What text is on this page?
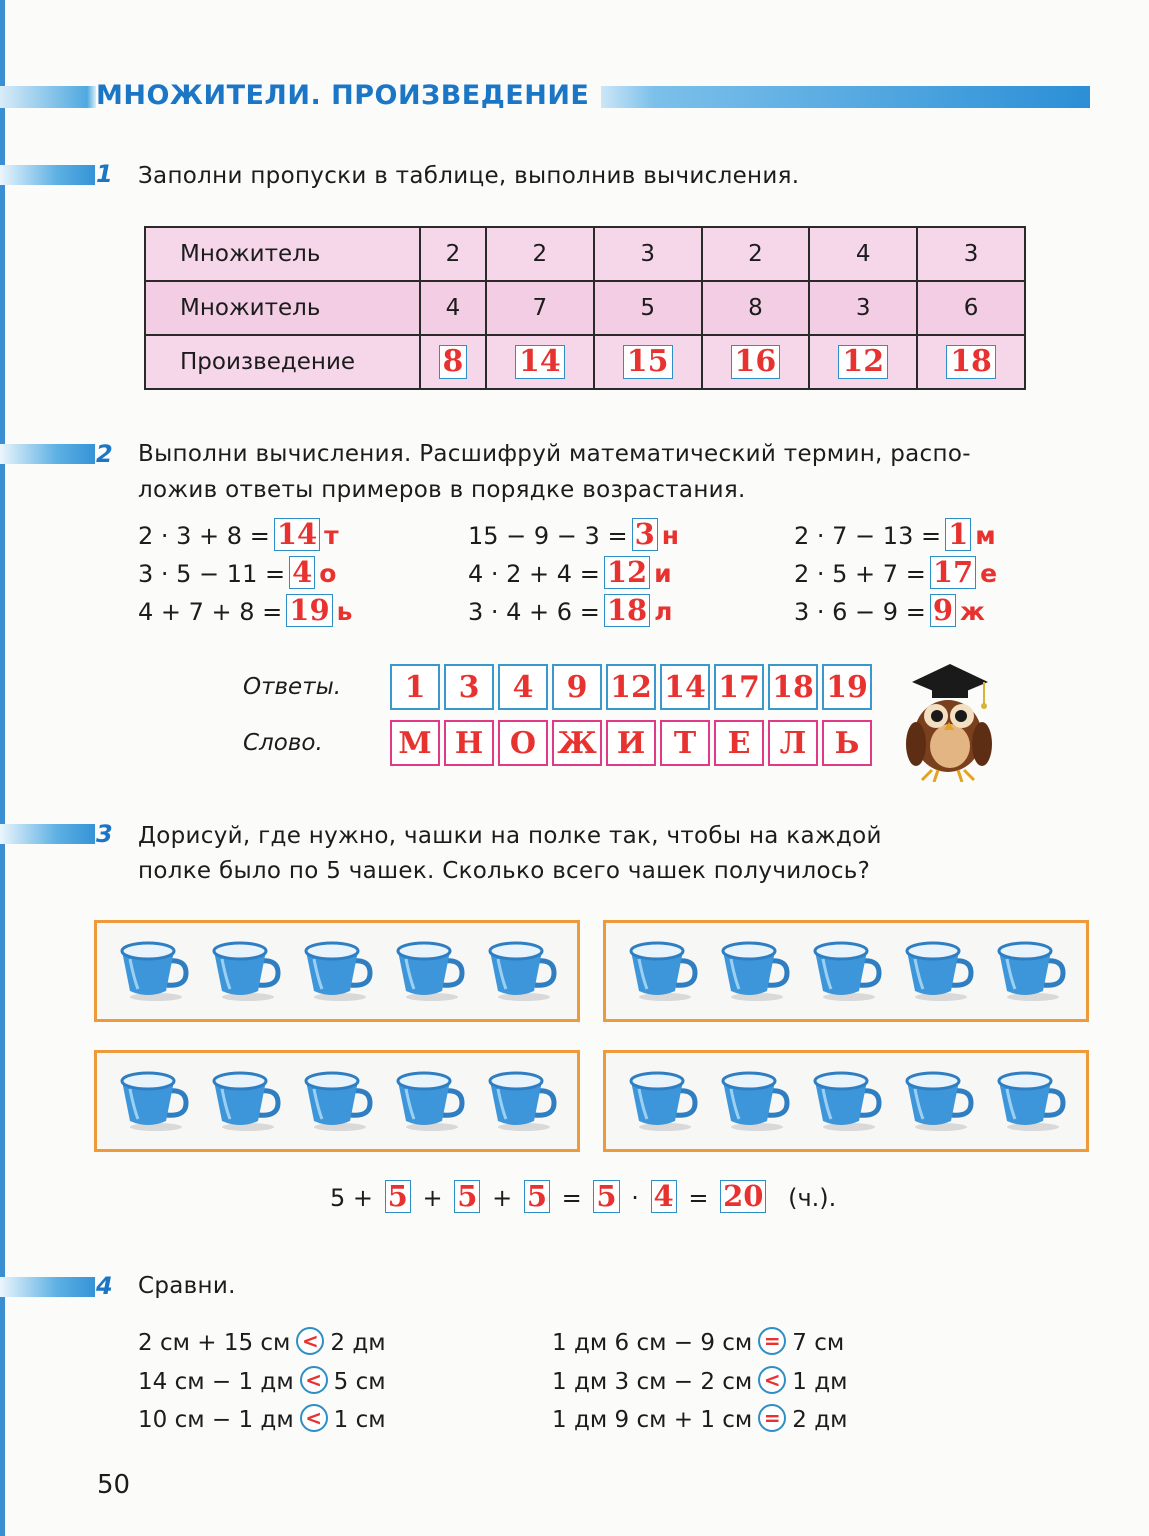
МНОЖИТЕЛИ. ПРОИЗВЕДЕНИЕ
1 Заполни пропуски в таблице, выполнив вычисления.
Множитель	2	2	3	2	4	3
Множитель	4	7	5	8	3	6
Произведение	8	14	15	16	12	18
2 Выполни вычисления. Расшифруй математический термин, распо-
ложив ответы примеров в порядке возрастания.
2 · 3 + 8 = 14 т
3 · 5 − 11 = 4 о
4 + 7 + 8 = 19 ь
15 − 9 − 3 = 3 н
4 · 2 + 4 = 12 и
3 · 4 + 6 = 18 л
2 · 7 − 13 = 1 м
2 · 5 + 7 = 17 е
3 · 6 − 9 = 9 ж
Ответы.	1	3	4	9 12 14 17 18 19
Слово.	М Н О Ж И Т	Е Л Ь
3 Дорисуй, где нужно, чашки на полке так, чтобы на каждой
полке было по 5 чашек. Сколько всего чашек получилось?
5 + 5 + 5 + 5 = 5 · 4 = 20 (ч.).
4 Сравни.
2 см + 15 см < 2 дм
14 см − 1 дм < 5 см
10 см − 1 дм < 1 см
1 дм 6 см − 9 см = 7 см
1 дм 3 см − 2 см < 1 дм
1 дм 9 см + 1 см = 2 дм
50
